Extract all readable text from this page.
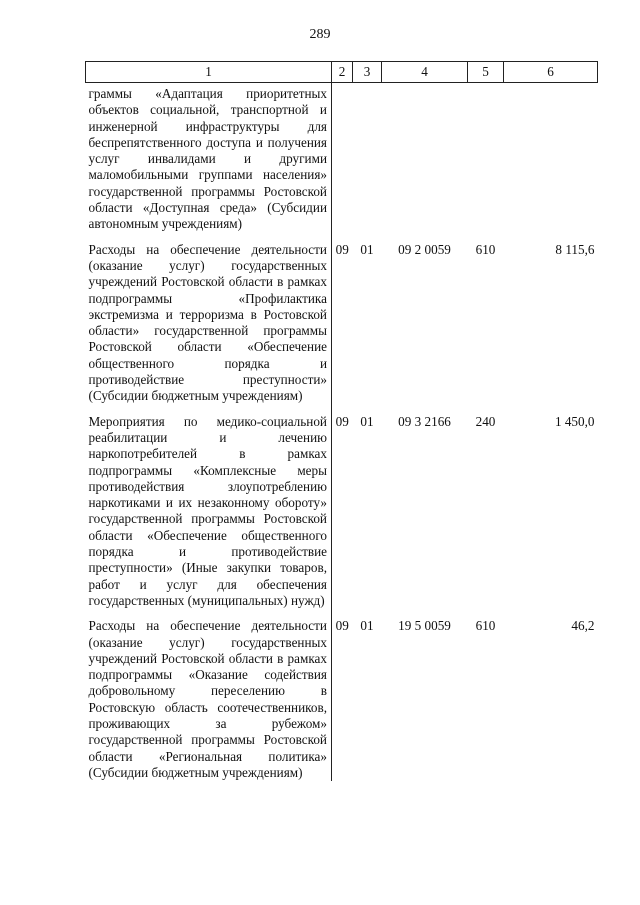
289
1	2	3	4	5	6
граммы «Адаптация приоритетных объектов социальной, транспортной и инженерной инфраструктуры для беспрепятственного доступа и получения услуг инвалидами и другими маломобильными группами населения» государственной программы Ростовской области «Доступная среда» (Субсидии автономным учреждениям)					
Расходы на обеспечение деятельности (оказание услуг) государственных учреждений Ростовской области в рамках подпрограммы «Профилактика экстремизма и терроризма в Ростовской области» государственной программы Ростовской области «Обеспечение общественного порядка и противодействие преступности» (Субсидии бюджетным учреждениям)	09	01	09 2 0059	610	8 115,6
Мероприятия по медико-социальной реабилитации и лечению наркопотребителей в рамках подпрограммы «Комплексные меры противодействия злоупотреблению наркотиками и их незаконному обороту» государственной программы Ростовской области «Обеспечение общественного порядка и противодействие преступности» (Иные закупки товаров, работ и услуг для обеспечения государственных (муниципальных) нужд)	09	01	09 3 2166	240	1 450,0
Расходы на обеспечение деятельности (оказание услуг) государственных учреждений Ростовской области в рамках подпрограммы «Оказание содействия добровольному переселению в Ростовскую область соотечественников, проживающих за рубежом» государственной программы Ростовской области «Региональная политика» (Субсидии бюджетным учреждениям)	09	01	19 5 0059	610	46,2
